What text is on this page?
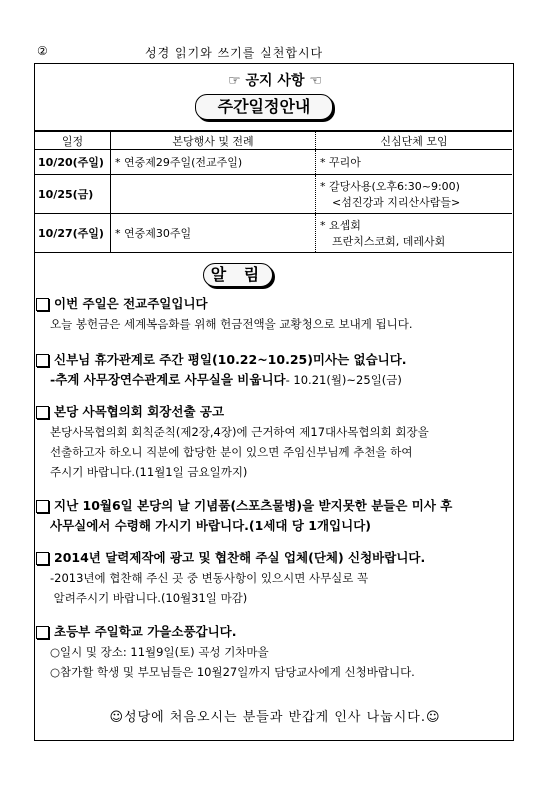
②	성경 읽기와 쓰기를 실천합시다
☞ 공지 사항 ☜
주간일정안내
일정	본당행사 및 전례	신심단체 모임
10/20(주일)	* 연중제29주일(전교주일)	* 꾸리아
10/25(금)		* 갈당사용(오후6:30~9:00)
<섬진강과 지리산사람들>

10/27(주일)	* 연중제30주일	* 요셉회
프란치스코회, 데레사회
알 림
이번 주일은 전교주일입니다
오늘 봉헌금은 세계복음화를 위해 헌금전액을 교황청으로 보내게 됩니다.
신부님 휴가관계로 주간 평일(10.22~10.25)미사는 없습니다.
-추계 사무장연수관계로 사무실을 비웁니다- 10.21(월)~25일(금)
본당 사목협의회 회장선출 공고
본당사목협의회 회칙준칙(제2장,4장)에 근거하여 제17대사목협의회 회장을
선출하고자 하오니 직분에 합당한 분이 있으면 주임신부님께 추천을 하여
주시기 바랍니다.(11월1일 금요일까지)
지난 10월6일 본당의 날 기념품(스포츠물병)을 받지못한 분들은 미사 후
사무실에서 수령해 가시기 바랍니다.(1세대 당 1개입니다)
2014년 달력제작에 광고 및 협찬해 주실 업체(단체) 신청바랍니다.
-2013년에 협찬해 주신 곳 중 변동사항이 있으시면 사무실로 꼭
알려주시기 바랍니다.(10월31일 마감)
초등부 주일학교 가을소풍갑니다.
○일시 및 장소: 11월9일(토) 곡성 기차마을
○참가할 학생 및 부모님들은 10월27일까지 담당교사에게 신청바랍니다.
☺성당에 처음오시는 분들과 반갑게 인사 나눕시다.☺
